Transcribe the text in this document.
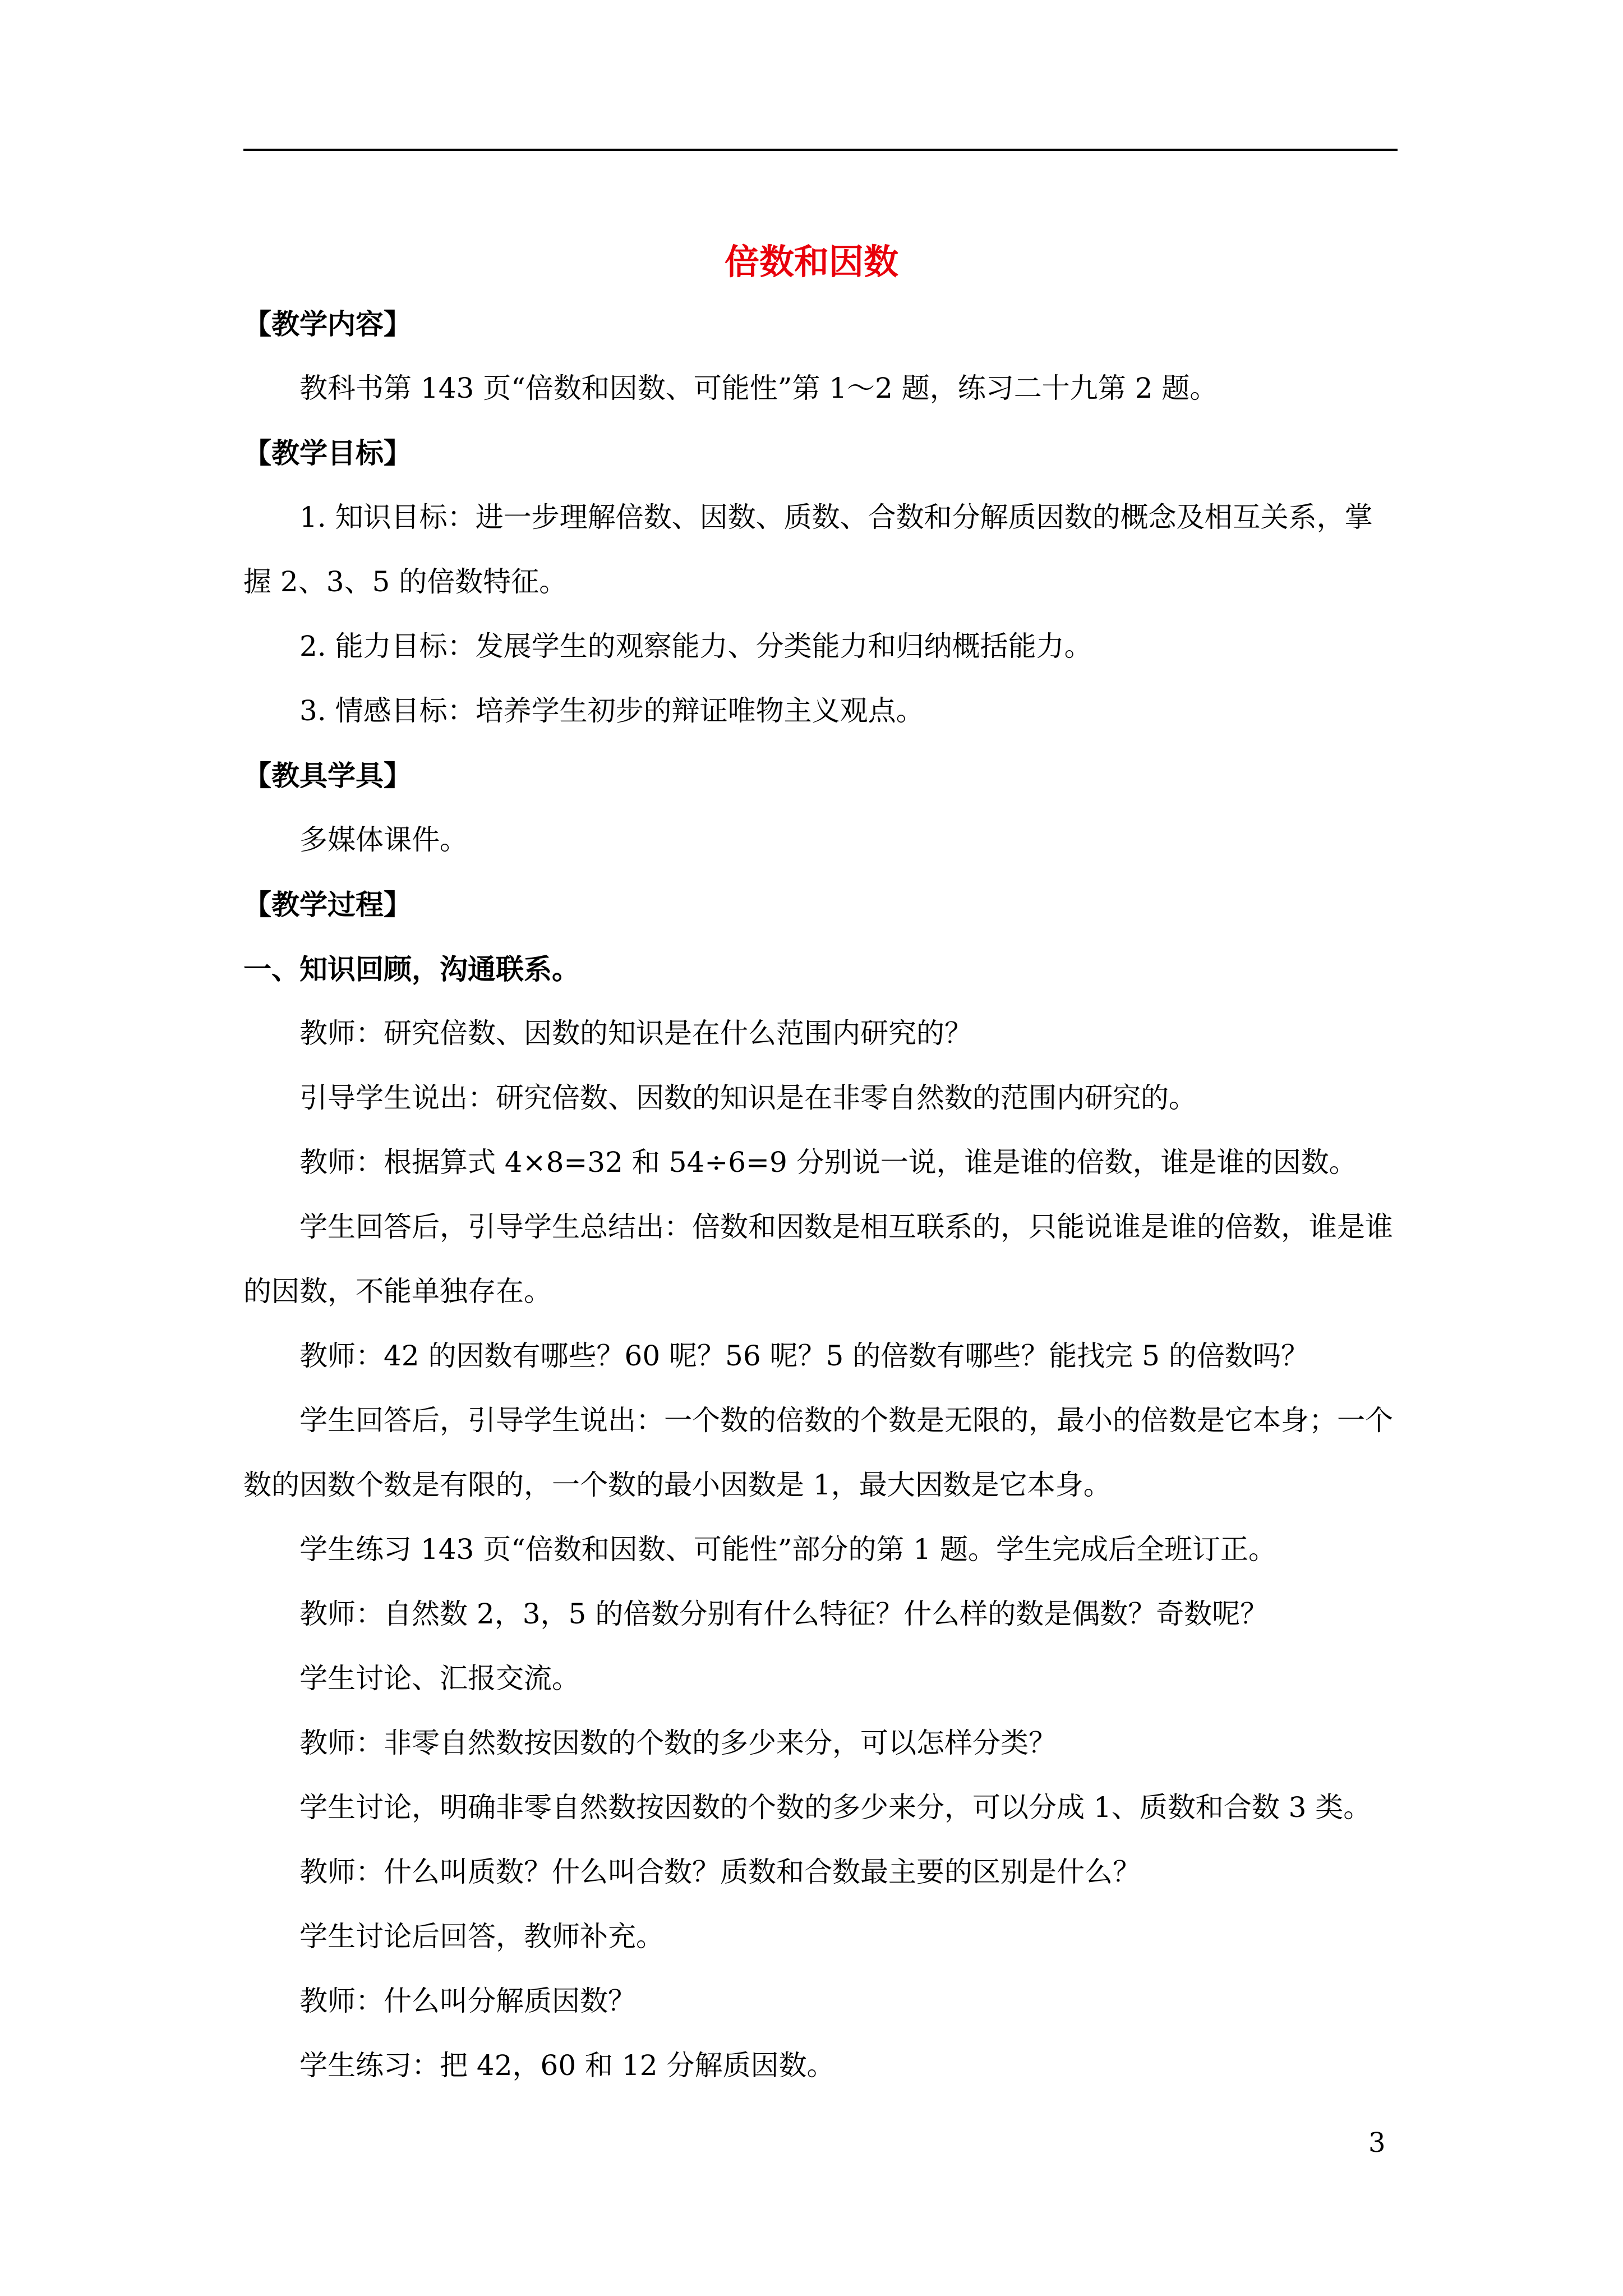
倍数和因数

【教学内容】

教科书第 143 页“倍数和因数、可能性”第 1～2 题，练习二十九第 2 题。

【教学目标】

1. 知识目标：进一步理解倍数、因数、质数、合数和分解质因数的概念及相互关系，掌握 2、3、5 的倍数特征。

2. 能力目标：发展学生的观察能力、分类能力和归纳概括能力。

3. 情感目标：培养学生初步的辩证唯物主义观点。

【教具学具】

多媒体课件。

【教学过程】

一、知识回顾，沟通联系。

教师：研究倍数、因数的知识是在什么范围内研究的？

引导学生说出：研究倍数、因数的知识是在非零自然数的范围内研究的。

教师：根据算式 4×8=32 和 54÷6=9 分别说一说，谁是谁的倍数，谁是谁的因数。

学生回答后，引导学生总结出：倍数和因数是相互联系的，只能说谁是谁的倍数，谁是谁的因数，不能单独存在。

教师：42 的因数有哪些？60 呢？56 呢？5 的倍数有哪些？能找完 5 的倍数吗？

学生回答后，引导学生说出：一个数的倍数的个数是无限的，最小的倍数是它本身；一个数的因数个数是有限的，一个数的最小因数是 1，最大因数是它本身。

学生练习 143 页“倍数和因数、可能性”部分的第 1 题。学生完成后全班订正。

教师：自然数 2，3，5 的倍数分别有什么特征？什么样的数是偶数？奇数呢？

学生讨论、汇报交流。

教师：非零自然数按因数的个数的多少来分，可以怎样分类？

学生讨论，明确非零自然数按因数的个数的多少来分，可以分成 1、质数和合数 3 类。

教师：什么叫质数？什么叫合数？质数和合数最主要的区别是什么？

学生讨论后回答，教师补充。

教师：什么叫分解质因数？

学生练习：把 42，60 和 12 分解质因数。

3
